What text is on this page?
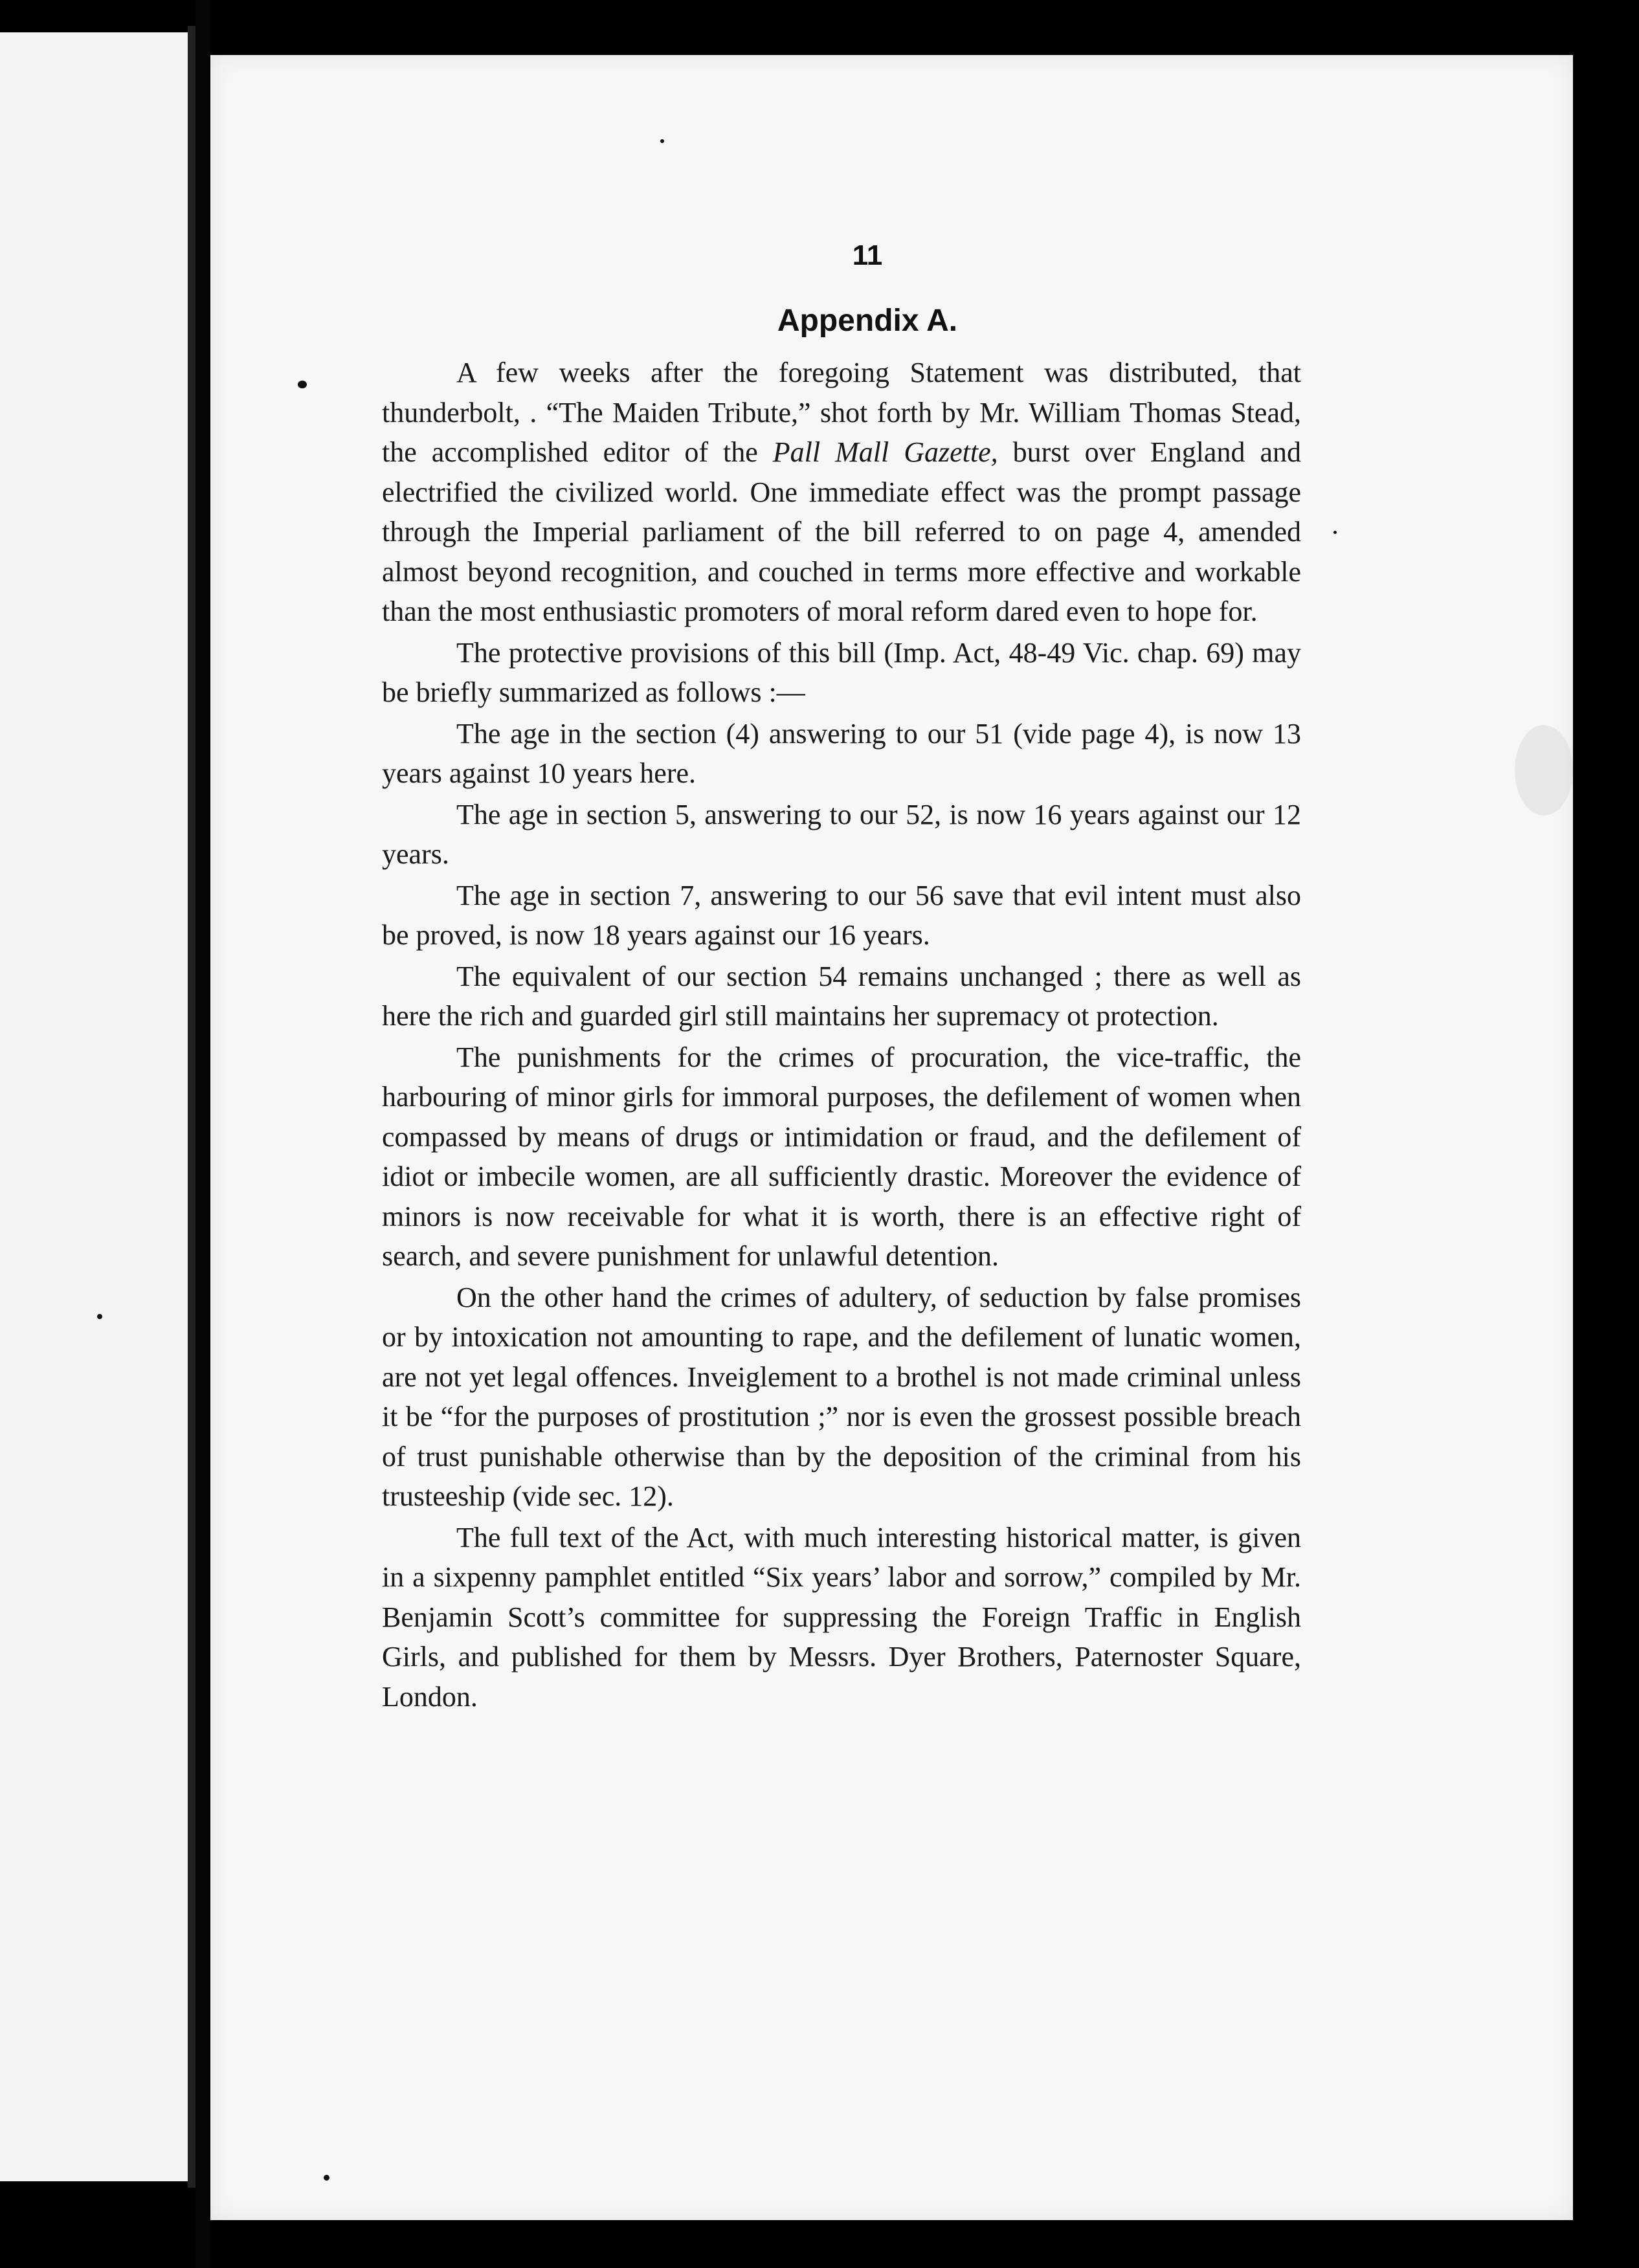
11
Appendix A.

A few weeks after the foregoing Statement was distributed, that thunderbolt, . “The Maiden Tribute,” shot forth by Mr. William Thomas Stead, the accomplished editor of the Pall Mall Gazette, burst over England and electrified the civilized world. One immediate effect was the prompt passage through the Imperial parliament of the bill referred to on page 4, amended almost beyond recognition, and couched in terms more effective and workable than the most enthusiastic promoters of moral reform dared even to hope for.

The protective provisions of this bill (Imp. Act, 48-49 Vic. chap. 69) may be briefly summarized as follows :—

The age in the section (4) answering to our 51 (vide page 4), is now 13 years against 10 years here.

The age in section 5, answering to our 52, is now 16 years against our 12 years.

The age in section 7, answering to our 56 save that evil intent must also be proved, is now 18 years against our 16 years.

The equivalent of our section 54 remains unchanged ; there as well as here the rich and guarded girl still maintains her supremacy ot protection.

The punishments for the crimes of procuration, the vice-traffic, the harbouring of minor girls for immoral purposes, the defilement of women when compassed by means of drugs or intimidation or fraud, and the defilement of idiot or imbecile women, are all sufficiently drastic. Moreover the evidence of minors is now receivable for what it is worth, there is an effective right of search, and severe punishment for unlawful detention.

On the other hand the crimes of adultery, of seduction by false promises or by intoxication not amounting to rape, and the defilement of lunatic women, are not yet legal offences. Inveiglement to a brothel is not made criminal unless it be “for the purposes of prostitution ;” nor is even the grossest possible breach of trust punishable otherwise than by the deposition of the criminal from his trusteeship (vide sec. 12).

The full text of the Act, with much interesting historical matter, is given in a sixpenny pamphlet entitled “Six years’ labor and sorrow,” compiled by Mr. Benjamin Scott’s committee for suppressing the Foreign Traffic in English Girls, and published for them by Messrs. Dyer Brothers, Paternoster Square, London.
